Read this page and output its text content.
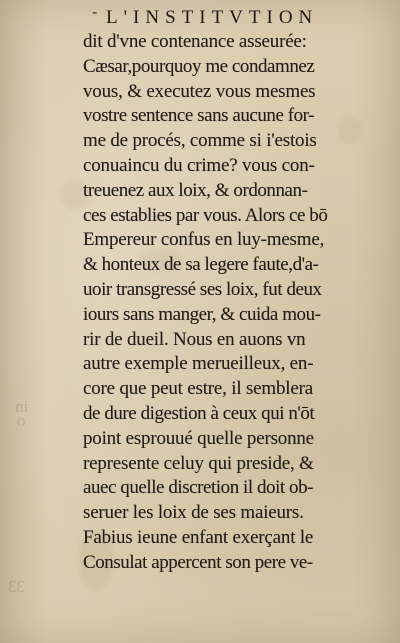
in
o
33
- L'INSTITVTION
dit d'vne contenance asseurée:
Cæsar,pourquoy me condamnez
vous, & executez vous mesmes
vostre sentence sans aucune for-
me de procés, comme si i'estois
conuaincu du crime? vous con-
treuenez aux loix, & ordonnan-
ces establies par vous. Alors ce bō
Empereur confus en luy-mesme,
& honteux de sa legere faute,d'a-
uoir transgressé ses loix, fut deux
iours sans manger, & cuida mou-
rir de dueil. Nous en auons vn
autre exemple merueilleux, en-
core que peut estre, il semblera
de dure digestion à ceux qui n'ōt
point esprouué quelle personne
represente celuy qui preside, &
auec quelle discretion il doit ob-
seruer les loix de ses maieurs.
Fabius ieune enfant exerçant le
Consulat appercent son pere ve-
